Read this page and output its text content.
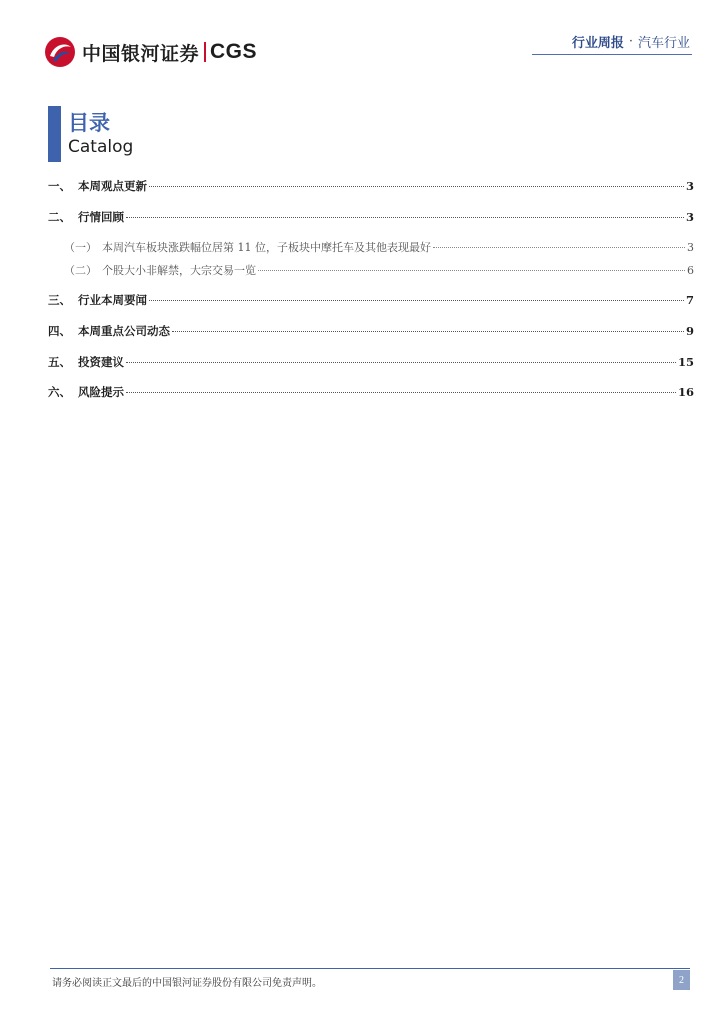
中国银河证券 CGS	行业周报 · 汽车行业
目录
Catalog
一、 本周观点更新	3
二、 行情回顾	3
（一） 本周汽车板块涨跌幅位居第 11 位，子板块中摩托车及其他表现最好	3
（二） 个股大小非解禁，大宗交易一览	6
三、 行业本周要闻	7
四、 本周重点公司动态	9
五、 投资建议	15
六、 风险提示	16
请务必阅读正文最后的中国银河证券股份有限公司免责声明。	2
